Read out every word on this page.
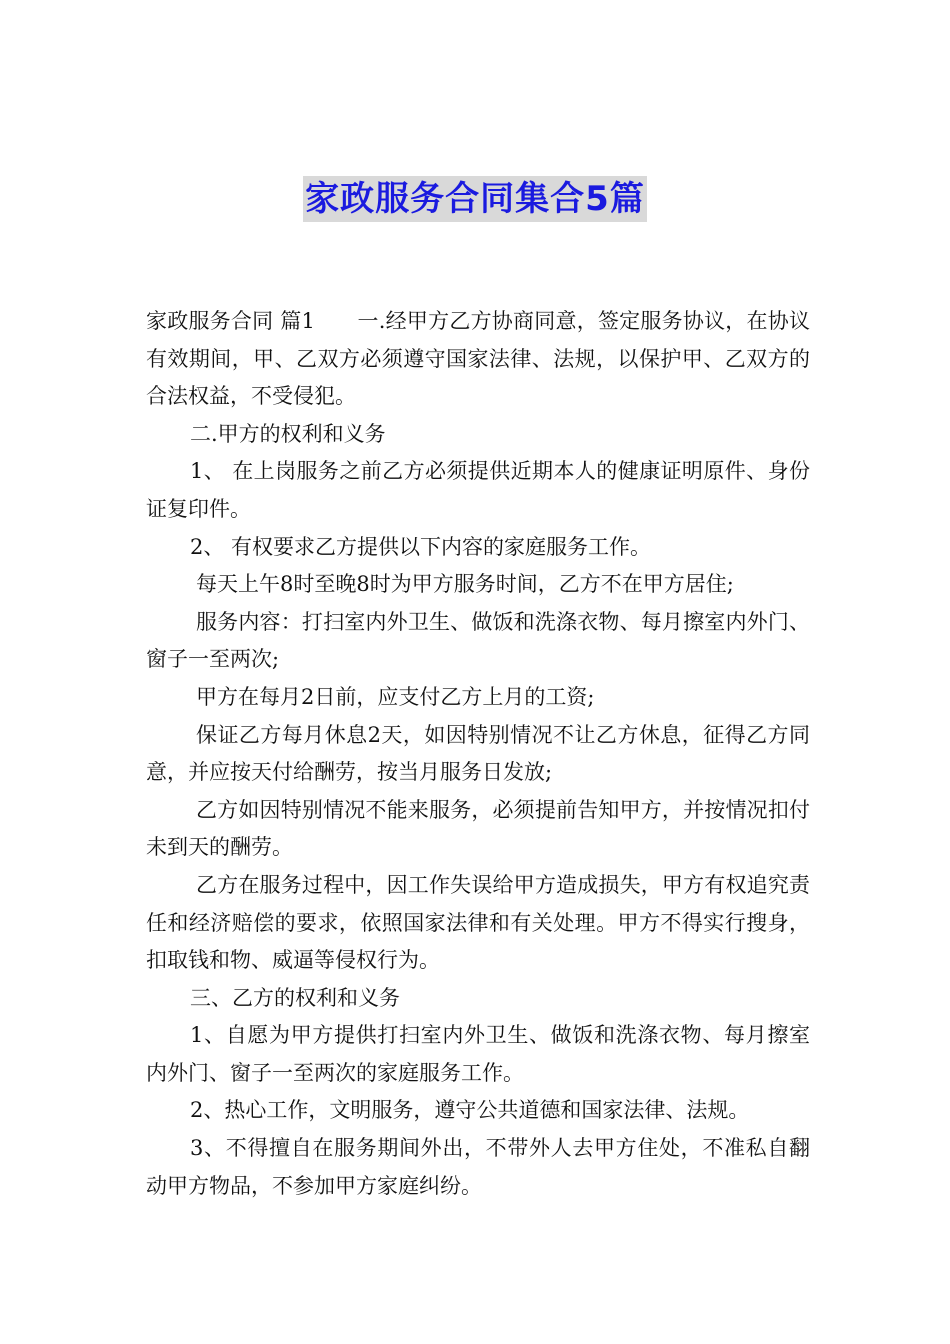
家政服务合同集合5篇

家政服务合同 篇1　　一.经甲方乙方协商同意，签定服务协议，在协议有效期间，甲、乙双方必须遵守国家法律、法规，以保护甲、乙双方的合法权益，不受侵犯。

二.甲方的权利和义务

1、 在上岗服务之前乙方必须提供近期本人的健康证明原件、身份证复印件。

2、 有权要求乙方提供以下内容的家庭服务工作。

每天上午8时至晚8时为甲方服务时间，乙方不在甲方居住;

服务内容：打扫室内外卫生、做饭和洗涤衣物、每月擦室内外门、窗子一至两次;

甲方在每月2日前，应支付乙方上月的工资;

保证乙方每月休息2天，如因特别情况不让乙方休息，征得乙方同意，并应按天付给酬劳，按当月服务日发放;

乙方如因特别情况不能来服务，必须提前告知甲方，并按情况扣付未到天的酬劳。

乙方在服务过程中，因工作失误给甲方造成损失，甲方有权追究责任和经济赔偿的要求，依照国家法律和有关处理。甲方不得实行搜身，扣取钱和物、威逼等侵权行为。

三、乙方的权利和义务

1、自愿为甲方提供打扫室内外卫生、做饭和洗涤衣物、每月擦室内外门、窗子一至两次的家庭服务工作。

2、热心工作，文明服务，遵守公共道德和国家法律、法规。

3、不得擅自在服务期间外出，不带外人去甲方住处，不准私自翻动甲方物品，不参加甲方家庭纠纷。
